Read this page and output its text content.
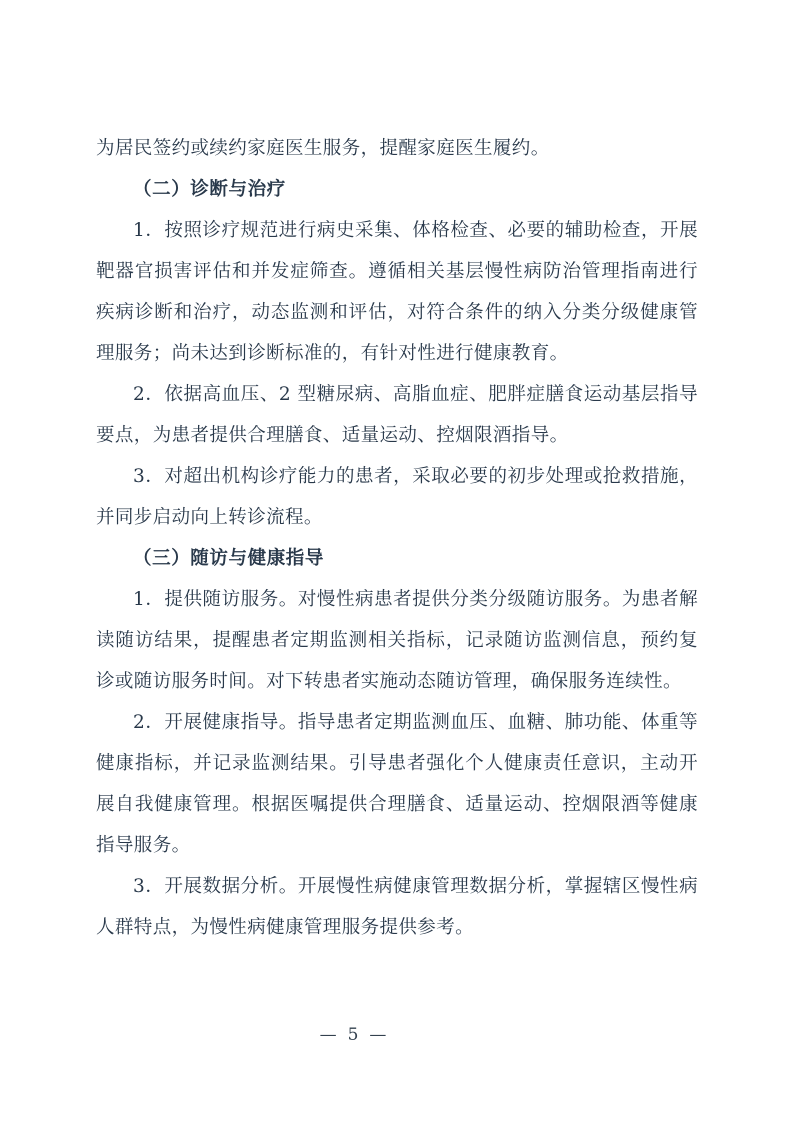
为居民签约或续约家庭医生服务，提醒家庭医生履约。

（二）诊断与治疗

1．按照诊疗规范进行病史采集、体格检查、必要的辅助检查，开展靶器官损害评估和并发症筛查。遵循相关基层慢性病防治管理指南进行疾病诊断和治疗，动态监测和评估，对符合条件的纳入分类分级健康管理服务；尚未达到诊断标准的，有针对性进行健康教育。

2．依据高血压、2 型糖尿病、高脂血症、肥胖症膳食运动基层指导要点，为患者提供合理膳食、适量运动、控烟限酒指导。

3．对超出机构诊疗能力的患者，采取必要的初步处理或抢救措施，并同步启动向上转诊流程。

（三）随访与健康指导

1．提供随访服务。对慢性病患者提供分类分级随访服务。为患者解读随访结果，提醒患者定期监测相关指标，记录随访监测信息，预约复诊或随访服务时间。对下转患者实施动态随访管理，确保服务连续性。

2．开展健康指导。指导患者定期监测血压、血糖、肺功能、体重等健康指标，并记录监测结果。引导患者强化个人健康责任意识，主动开展自我健康管理。根据医嘱提供合理膳食、适量运动、控烟限酒等健康指导服务。

3．开展数据分析。开展慢性病健康管理数据分析，掌握辖区慢性病人群特点，为慢性病健康管理服务提供参考。

— 5 —
